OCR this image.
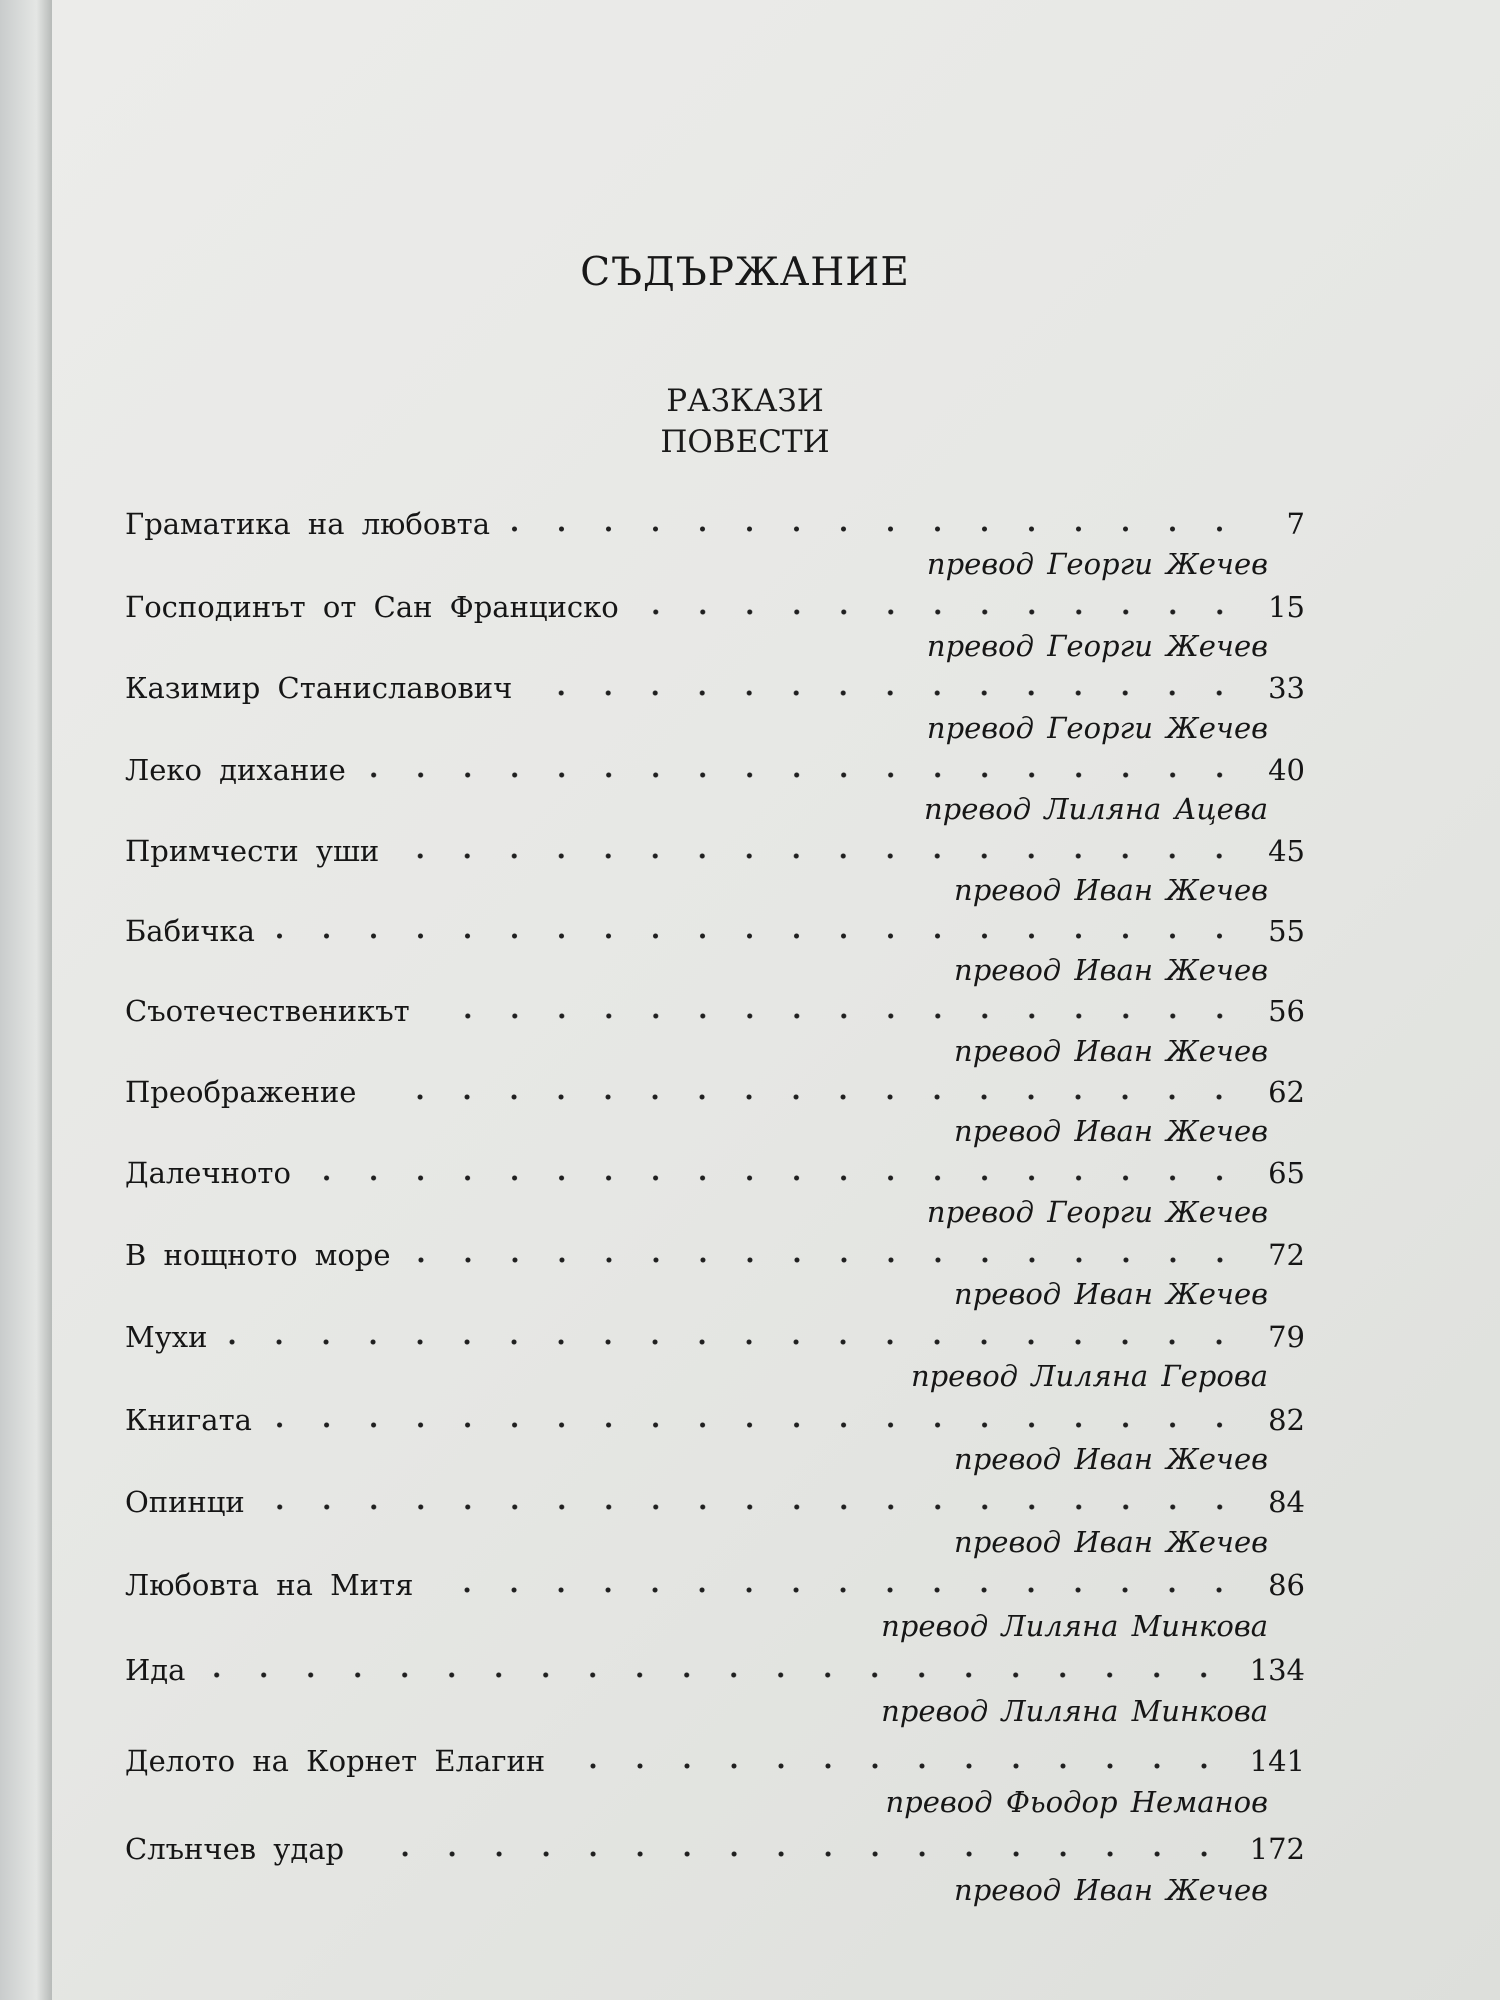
СЪДЪРЖАНИЕ
РАЗКАЗИ
ПОВЕСТИ
Граматика на любовта	7
превод Георги Жечев
Господинът от Сан Франциско	15
превод Георги Жечев
Казимир Станиславович	33
превод Георги Жечев
Леко дихание	40
превод Лиляна Ацева
Примчести уши	45
превод Иван Жечев
Бабичка	55
превод Иван Жечев
Съотечественикът	56
превод Иван Жечев
Преображение	62
превод Иван Жечев
Далечното	65
превод Георги Жечев
В нощното море	72
превод Иван Жечев
Мухи	79
превод Лиляна Герова
Книгата	82
превод Иван Жечев
Опинци	84
превод Иван Жечев
Любовта на Митя	86
превод Лиляна Минкова
Ида	134
превод Лиляна Минкова
Делото на Корнет Елагин	141
превод Фьодор Неманов
Слънчев удар	172
превод Иван Жечев
